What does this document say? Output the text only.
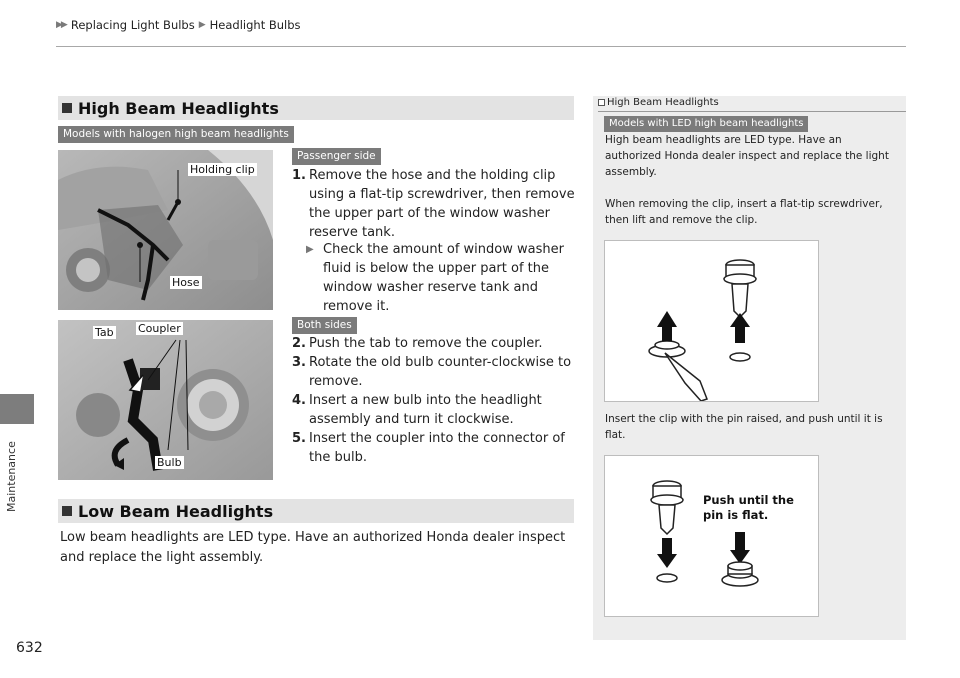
▶▶ Replacing Light Bulbs ▶ Headlight Bulbs
Maintenance
High Beam Headlights
Models with halogen high beam headlights
Holding clip
Hose
Tab Coupler
Bulb
Passenger side
1. Remove the hose and the holding clip using a flat-tip screwdriver, then remove the upper part of the window washer reserve tank.
▶ Check the amount of window washer fluid is below the upper part of the window washer reserve tank and remove it.
Both sides
2. Push the tab to remove the coupler.
3. Rotate the old bulb counter-clockwise to remove.
4. Insert a new bulb into the headlight assembly and turn it clockwise.
5. Insert the coupler into the connector of the bulb.
Low Beam Headlights
Low beam headlights are LED type. Have an authorized Honda dealer inspect and replace the light assembly.
High Beam Headlights
Models with LED high beam headlights
High beam headlights are LED type. Have an authorized Honda dealer inspect and replace the light assembly.
When removing the clip, insert a flat-tip screwdriver, then lift and remove the clip.
Insert the clip with the pin raised, and push until it is flat.
Push until the pin is flat.
632
